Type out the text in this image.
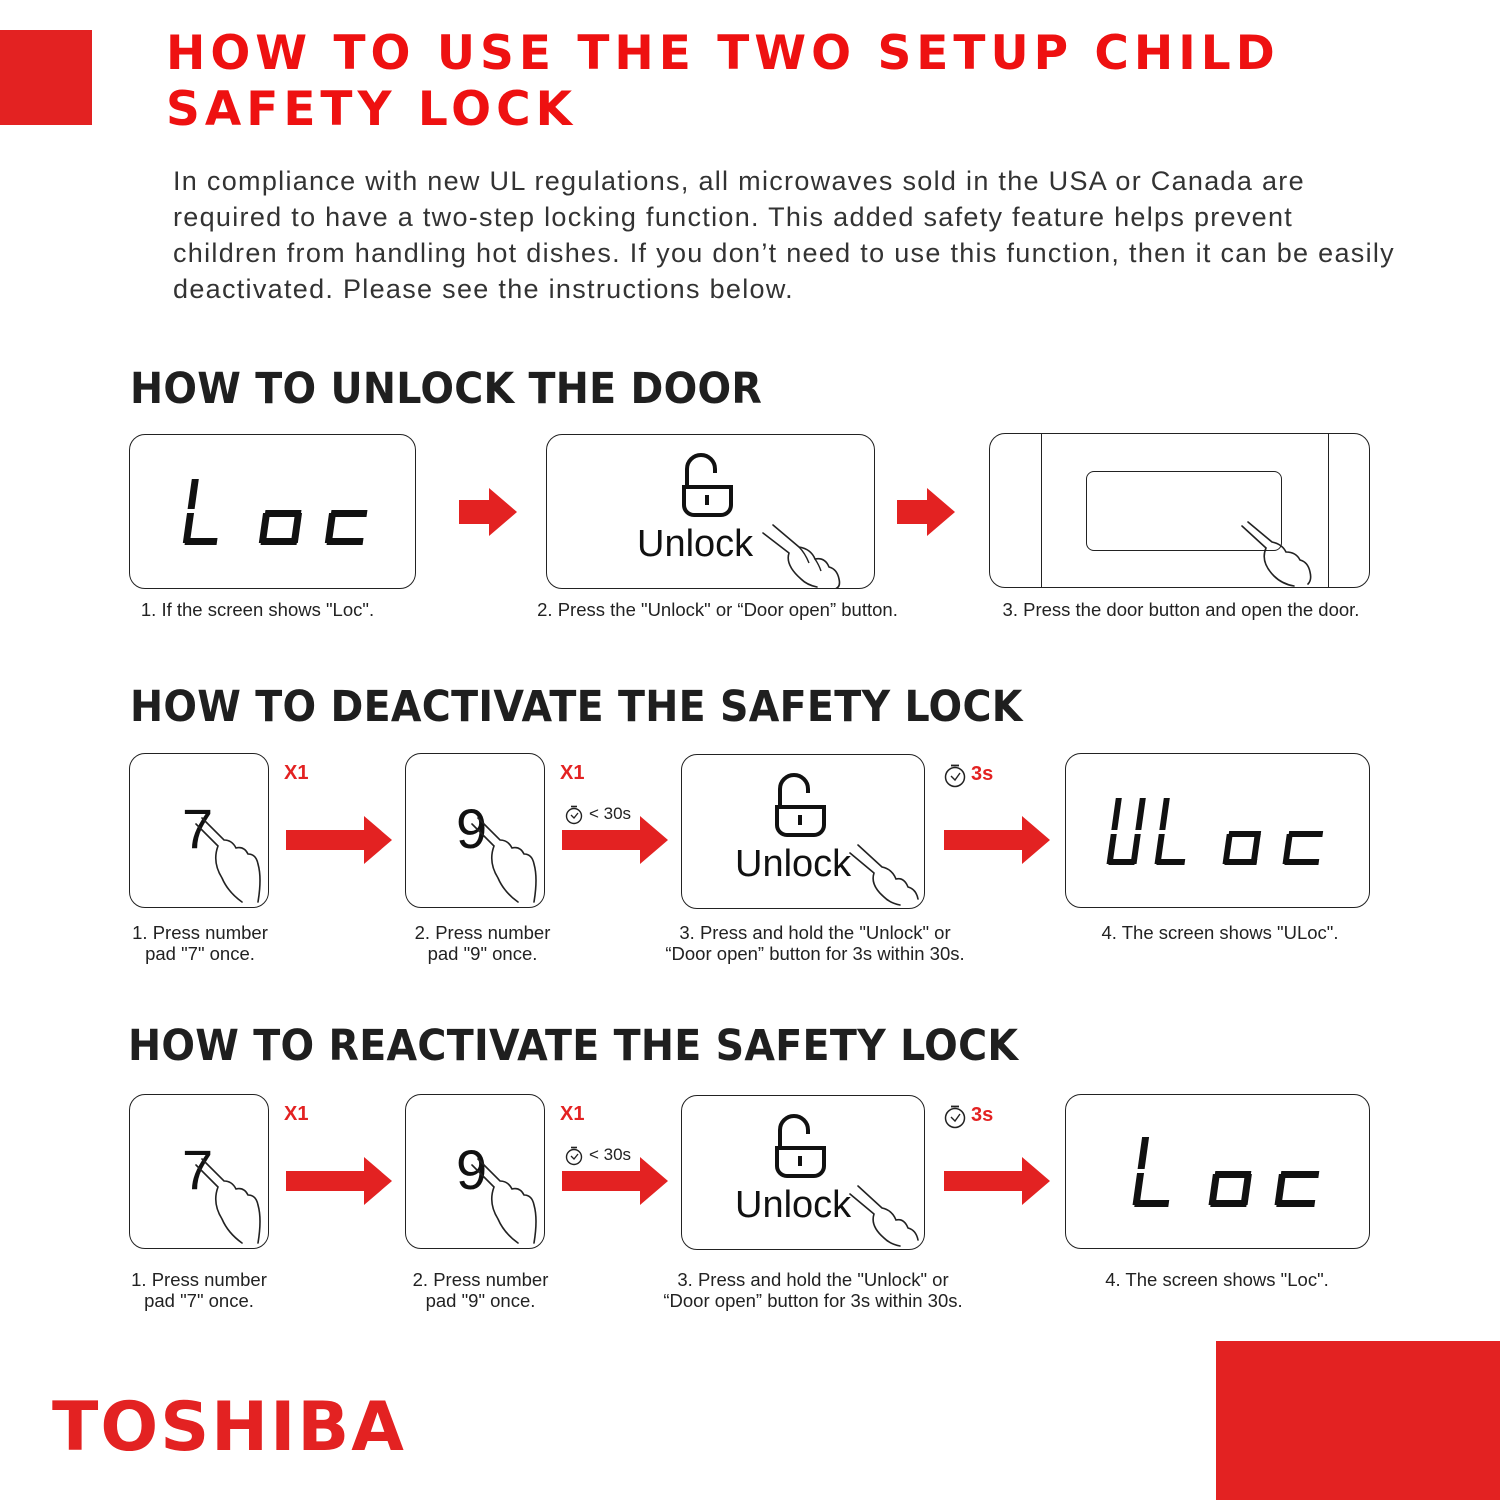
HOW TO USE THE TWO SETUP CHILD SAFETY LOCK

In compliance with new UL regulations, all microwaves sold in the USA or Canada are required to have a two-step locking function. This added safety feature helps prevent children from handling hot dishes. If you don’t need to use this function, then it can be easily deactivated. Please see the instructions below.

HOW TO UNLOCK THE DOOR
1. If the screen shows "Loc".
Unlock
2. Press the "Unlock" or “Door open” button.	3. Press the door button and open the door.
HOW TO DEACTIVATE THE SAFETY LOCK
7
1. Press number
pad "7" once.
X1
9
2. Press number
pad "9" once.
X1
< 30s
Unlock
3. Press and hold the "Unlock" or
“Door open” button for 3s within 30s.
3s
4. The screen shows "ULoc".
HOW TO REACTIVATE THE SAFETY LOCK
7
1. Press number
pad "7" once.
X1
9
2. Press number
pad "9" once.
X1
< 30s
Unlock
3. Press and hold the "Unlock" or
“Door open” button for 3s within 30s.
3s
4. The screen shows "Loc".
TOSHIBA
